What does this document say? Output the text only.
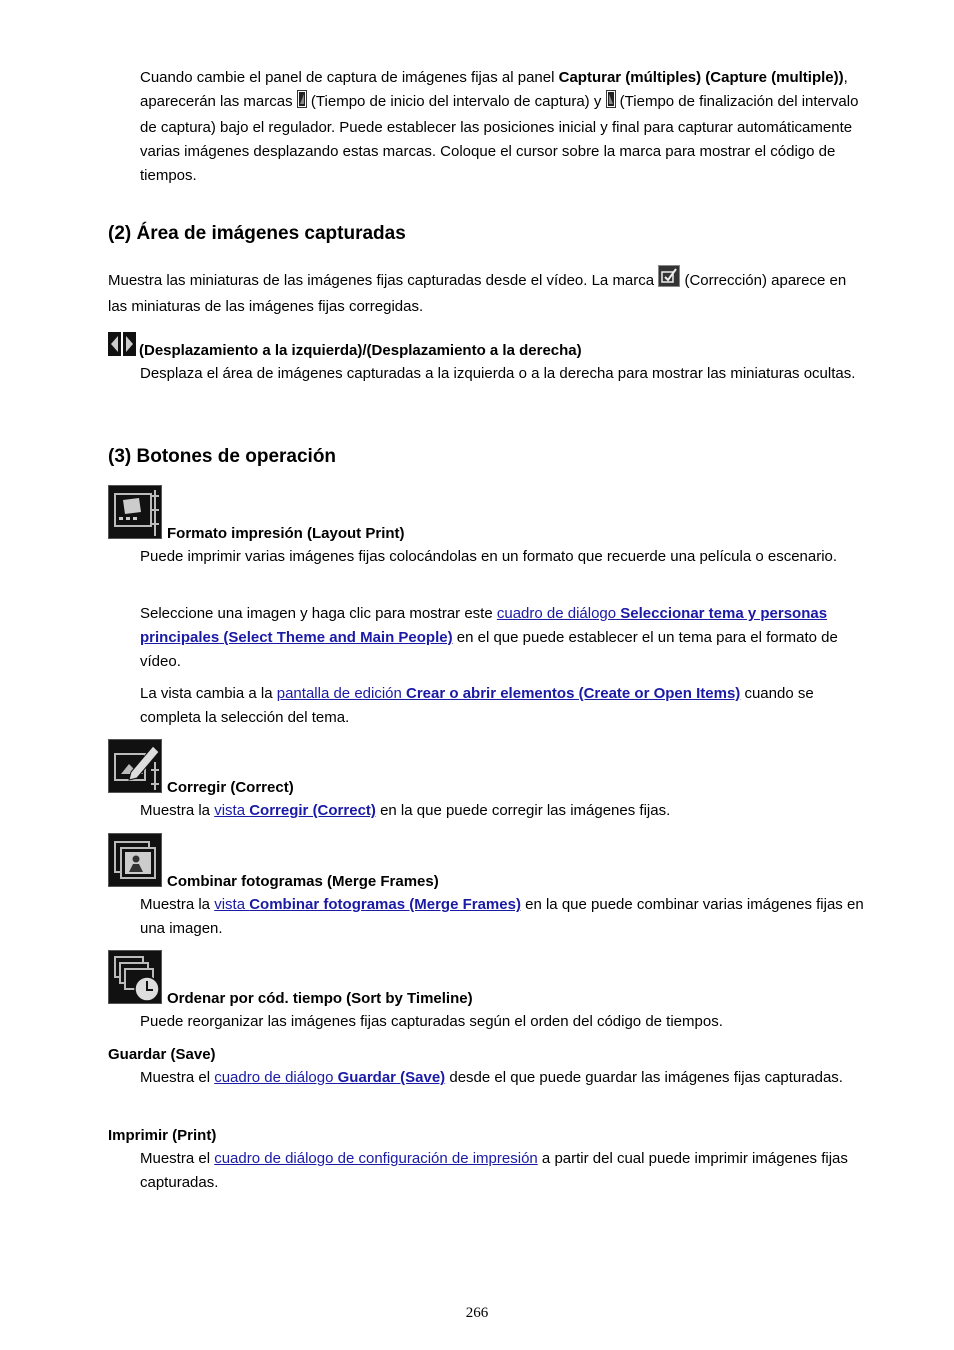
Cuando cambie el panel de captura de imágenes fijas al panel Capturar (múltiples) (Capture (multiple)), aparecerán las marcas  (Tiempo de inicio del intervalo de captura) y  (Tiempo de finalización del intervalo de captura) bajo el regulador. Puede establecer las posiciones inicial y final para capturar automáticamente varias imágenes desplazando estas marcas. Coloque el cursor sobre la marca para mostrar el código de tiempos.
(2) Área de imágenes capturadas
Muestra las miniaturas de las imágenes fijas capturadas desde el vídeo. La marca  (Corrección) aparece en las miniaturas de las imágenes fijas corregidas.
(Desplazamiento a la izquierda)/(Desplazamiento a la derecha)
Desplaza el área de imágenes capturadas a la izquierda o a la derecha para mostrar las miniaturas ocultas.
(3) Botones de operación
Formato impresión (Layout Print)
Puede imprimir varias imágenes fijas colocándolas en un formato que recuerde una película o escenario.
Seleccione una imagen y haga clic para mostrar este cuadro de diálogo Seleccionar tema y personas principales (Select Theme and Main People) en el que puede establecer el un tema para el formato de vídeo.
La vista cambia a la pantalla de edición Crear o abrir elementos (Create or Open Items) cuando se completa la selección del tema.
Corregir (Correct)
Muestra la vista Corregir (Correct) en la que puede corregir las imágenes fijas.
Combinar fotogramas (Merge Frames)
Muestra la vista Combinar fotogramas (Merge Frames) en la que puede combinar varias imágenes fijas en una imagen.
Ordenar por cód. tiempo (Sort by Timeline)
Puede reorganizar las imágenes fijas capturadas según el orden del código de tiempos.
Guardar (Save)
Muestra el cuadro de diálogo Guardar (Save) desde el que puede guardar las imágenes fijas capturadas.
Imprimir (Print)
Muestra el cuadro de diálogo de configuración de impresión a partir del cual puede imprimir imágenes fijas capturadas.
266
